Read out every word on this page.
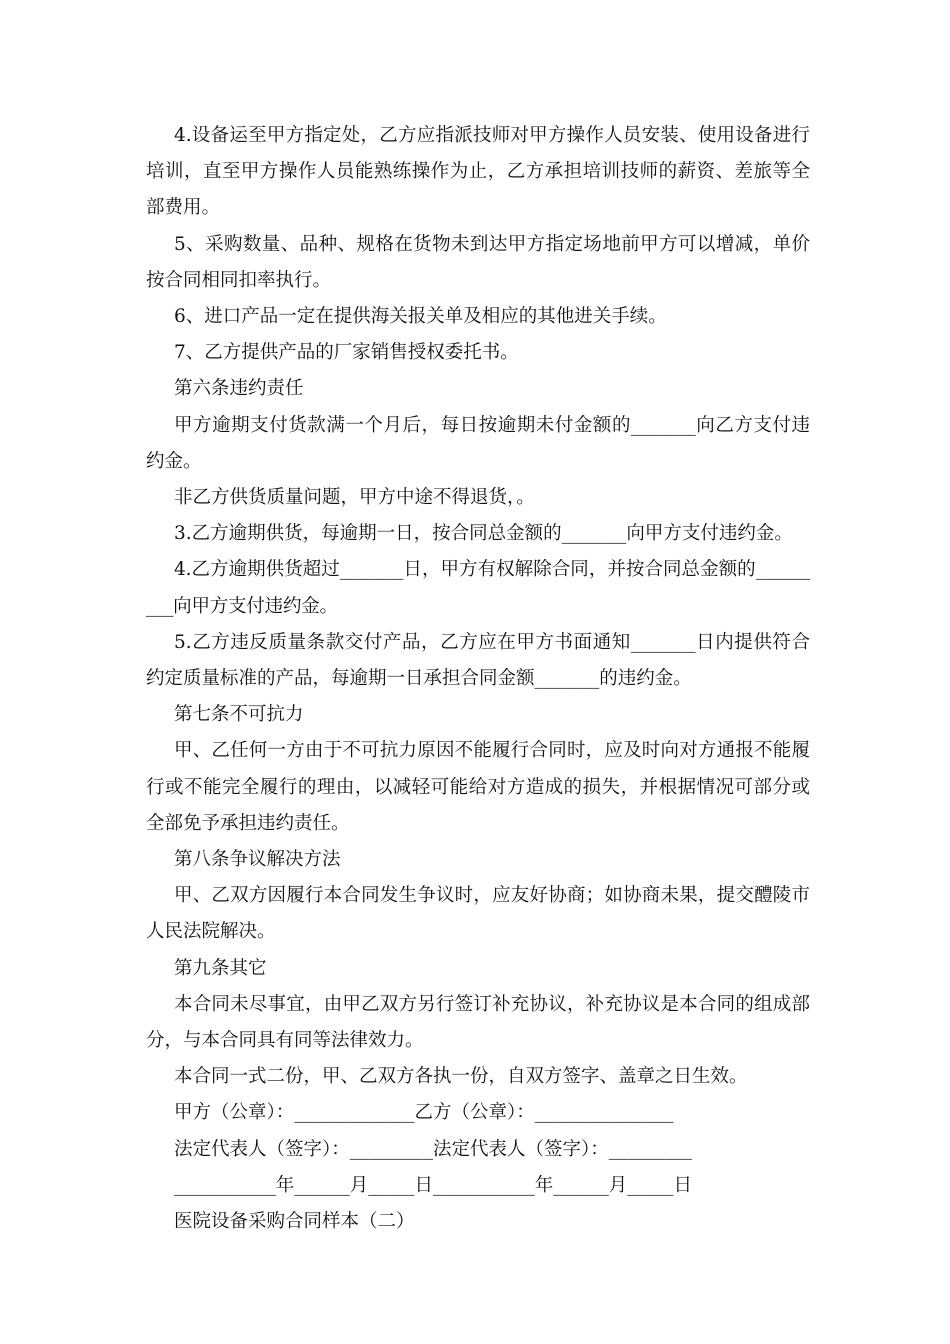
4.设备运至甲方指定处，乙方应指派技师对甲方操作人员安装、使用设备进行培训，直至甲方操作人员能熟练操作为止，乙方承担培训技师的薪资、差旅等全部费用。

5、采购数量、品种、规格在货物未到达甲方指定场地前甲方可以增减，单价按合同相同扣率执行。

6、进口产品一定在提供海关报关单及相应的其他进关手续。

7、乙方提供产品的厂家销售授权委托书。

第六条违约责任

甲方逾期支付货款满一个月后，每日按逾期未付金额的_______向乙方支付违约金。

非乙方供货质量问题，甲方中途不得退货，。

3.乙方逾期供货，每逾期一日，按合同总金额的_______向甲方支付违约金。

4.乙方逾期供货超过_______日，甲方有权解除合同，并按合同总金额的_________向甲方支付违约金。

5.乙方违反质量条款交付产品，乙方应在甲方书面通知_______日内提供符合约定质量标准的产品，每逾期一日承担合同金额_______的违约金。

第七条不可抗力

甲、乙任何一方由于不可抗力原因不能履行合同时，应及时向对方通报不能履行或不能完全履行的理由，以减轻可能给对方造成的损失，并根据情况可部分或全部免予承担违约责任。

第八条争议解决方法

甲、乙双方因履行本合同发生争议时，应友好协商；如协商未果，提交醴陵市人民法院解决。

第九条其它

本合同未尽事宜，由甲乙双方另行签订补充协议，补充协议是本合同的组成部分，与本合同具有同等法律效力。

本合同一式二份，甲、乙双方各执一份，自双方签字、盖章之日生效。

甲方（公章）：_____________乙方（公章）：_______________

法定代表人（签字）：_________法定代表人（签字）：_________

___________年______月_____日___________年______月_____日

医院设备采购合同样本（二）
